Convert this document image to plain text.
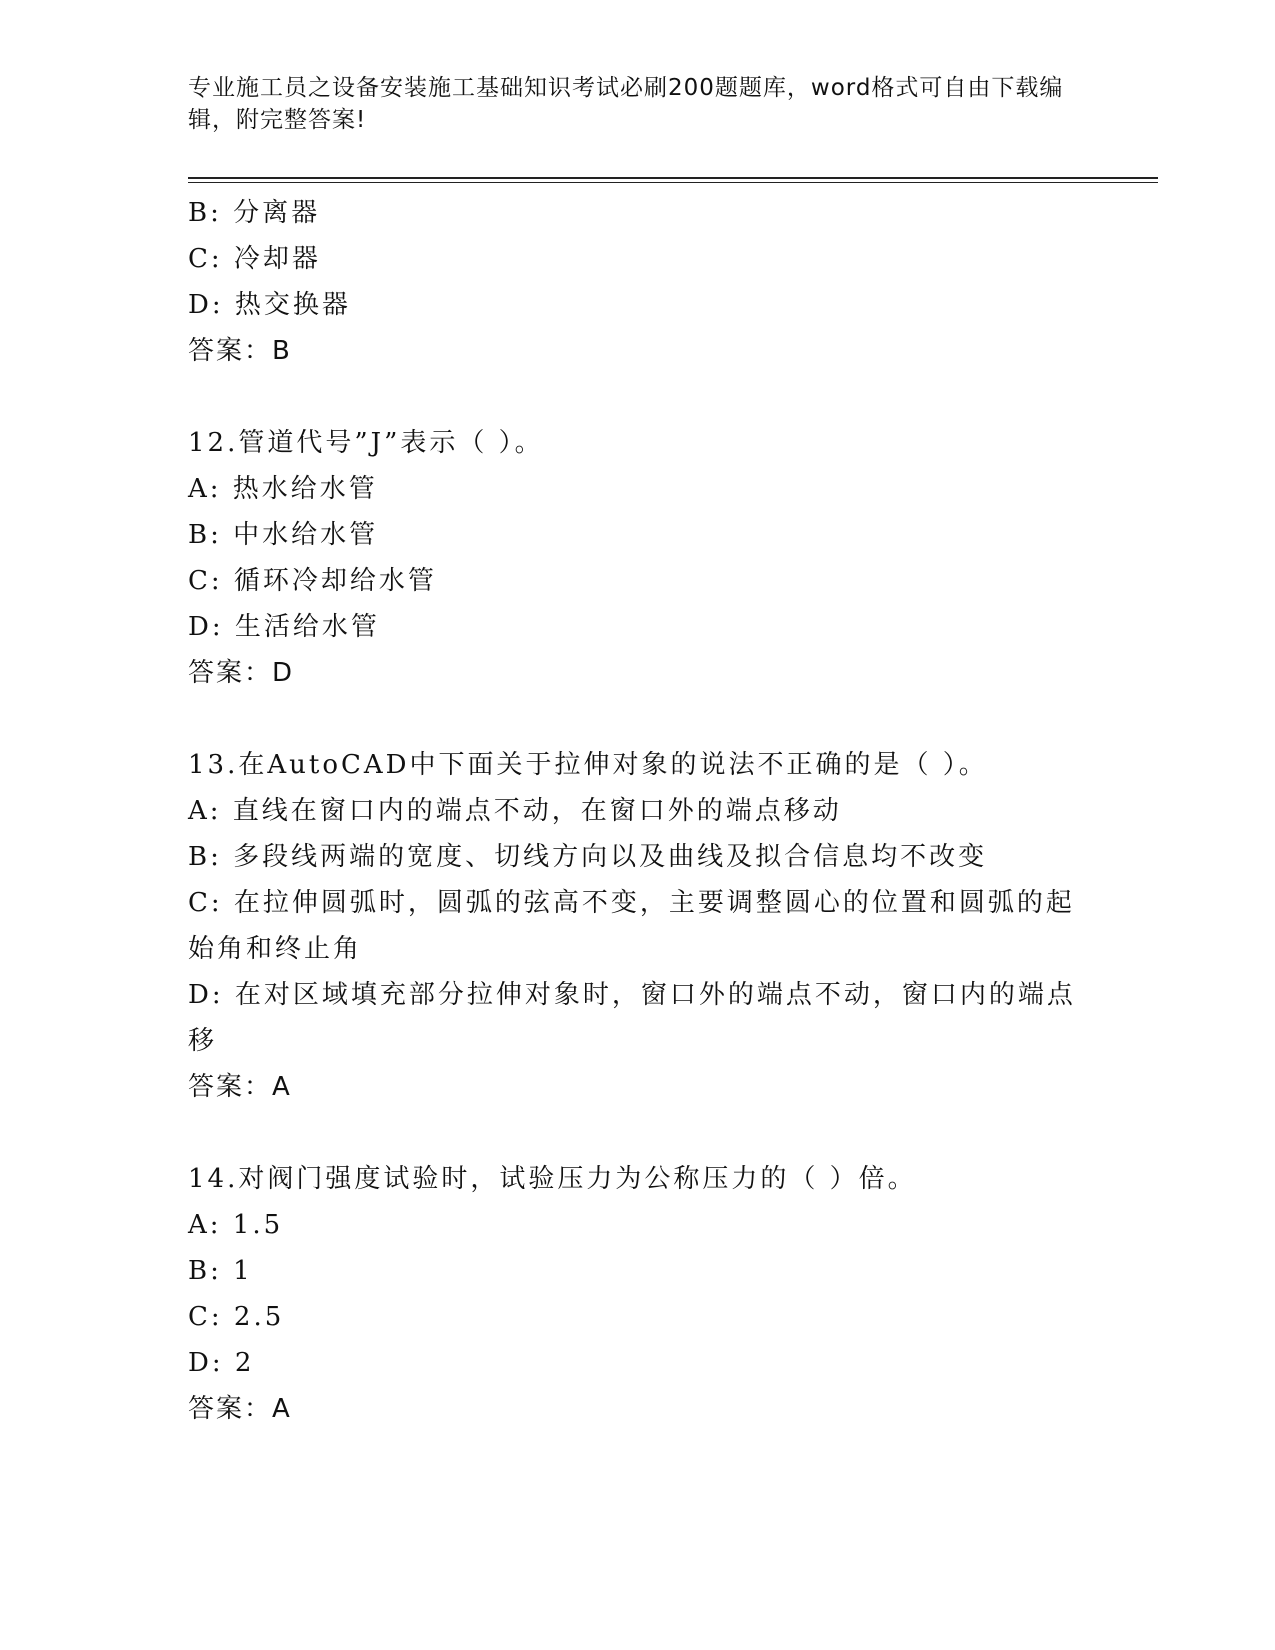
专业施工员之设备安装施工基础知识考试必刷200题题库，word格式可自由下载编辑，附完整答案!
B: 分离器
C: 冷却器
D: 热交换器
答案：B
12.管道代号”J”表示（ ）。
A: 热水给水管
B: 中水给水管
C: 循环冷却给水管
D: 生活给水管
答案：D
13.在AutoCAD中下面关于拉伸对象的说法不正确的是（ ）。
A: 直线在窗口内的端点不动，在窗口外的端点移动
B: 多段线两端的宽度、切线方向以及曲线及拟合信息均不改变
C: 在拉伸圆弧时，圆弧的弦高不变，主要调整圆心的位置和圆弧的起始角和终止角
D: 在对区域填充部分拉伸对象时，窗口外的端点不动，窗口内的端点移
答案：A
14.对阀门强度试验时，试验压力为公称压力的（ ）倍。
A: 1.5
B: 1
C: 2.5
D: 2
答案：A
